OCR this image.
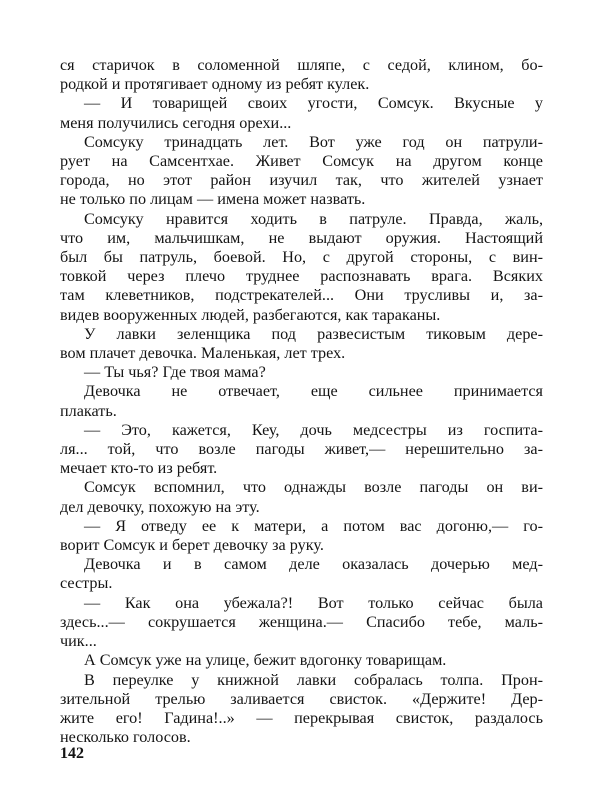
ся старичок в соломенной шляпе, с седой, клином, бо-
родкой и протягивает одному из ребят кулек.
— И товарищей своих угости, Сомсук. Вкусные у
меня получились сегодня орехи...
Сомсуку тринадцать лет. Вот уже год он патрули-
рует на Самсентхае. Живет Сомсук на другом конце
города, но этот район изучил так, что жителей узнает
не только по лицам — имена может назвать.
Сомсуку нравится ходить в патруле. Правда, жаль,
что им, мальчишкам, не выдают оружия. Настоящий
был бы патруль, боевой. Но, с другой стороны, с вин-
товкой через плечо труднее распознавать врага. Всяких
там клеветников, подстрекателей... Они трусливы и, за-
видев вооруженных людей, разбегаются, как тараканы.
У лавки зеленщика под развесистым тиковым дере-
вом плачет девочка. Маленькая, лет трех.
— Ты чья? Где твоя мама?
Девочка не отвечает, еще сильнее принимается
плакать.
— Это, кажется, Кеу, дочь медсестры из госпита-
ля... той, что возле пагоды живет,— нерешительно за-
мечает кто-то из ребят.
Сомсук вспомнил, что однажды возле пагоды он ви-
дел девочку, похожую на эту.
— Я отведу ее к матери, а потом вас догоню,— го-
ворит Сомсук и берет девочку за руку.
Девочка и в самом деле оказалась дочерью мед-
сестры.
— Как она убежала?! Вот только сейчас была
здесь...— сокрушается женщина.— Спасибо тебе, маль-
чик...
А Сомсук уже на улице, бежит вдогонку товарищам.
В переулке у книжной лавки собралась толпа. Прон-
зительной трелью заливается свисток. «Держите! Дер-
жите его! Гадина!..» — перекрывая свисток, раздалось
несколько голосов.
142
